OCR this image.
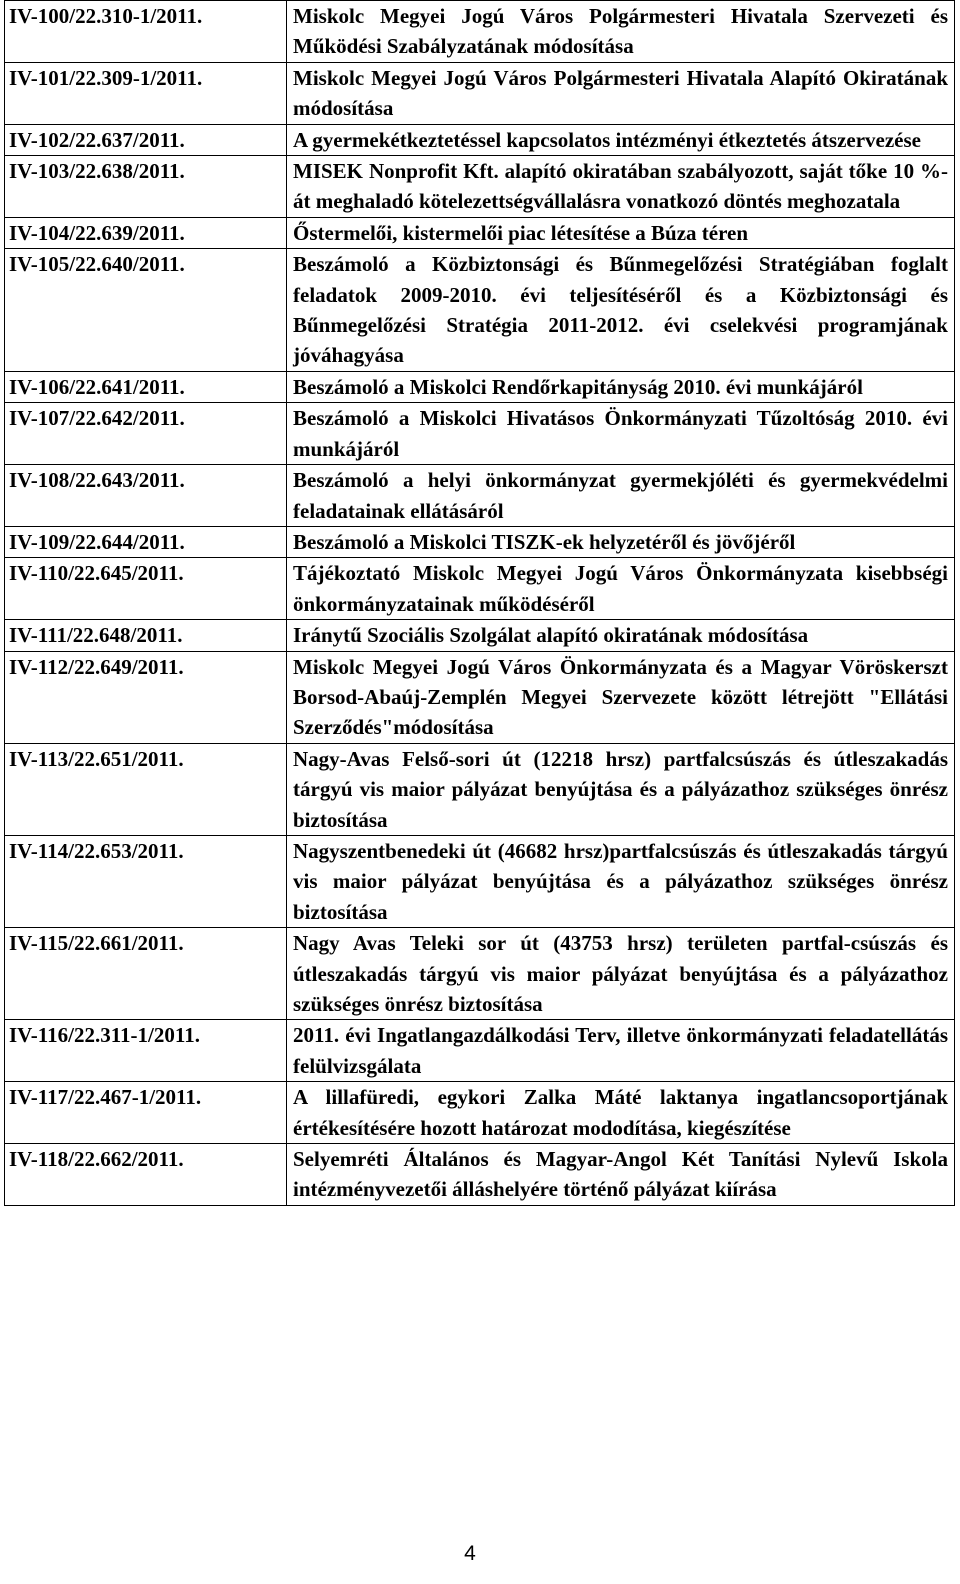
IV-100/22.310-1/2011.	Miskolc Megyei Jogú Város Polgármesteri Hivatala Szervezeti és Működési Szabályzatának módosítása
IV-101/22.309-1/2011.	Miskolc Megyei Jogú Város Polgármesteri Hivatala Alapító Okiratának módosítása
IV-102/22.637/2011.	A gyermekétkeztetéssel kapcsolatos intézményi étkeztetés átszervezése
IV-103/22.638/2011.	MISEK Nonprofit Kft. alapító okiratában szabályozott, saját tőke 10 %-át meghaladó kötelezettségvállalásra vonatkozó döntés meghozatala
IV-104/22.639/2011.	Őstermelői, kistermelői piac létesítése a Búza téren
IV-105/22.640/2011.	Beszámoló a Közbiztonsági és Bűnmegelőzési Stratégiában foglalt feladatok 2009-2010. évi teljesítéséről és a Közbiztonsági és Bűnmegelőzési Stratégia 2011-2012. évi cselekvési programjának jóváhagyása
IV-106/22.641/2011.	Beszámoló a Miskolci Rendőrkapitányság 2010. évi munkájáról
IV-107/22.642/2011.	Beszámoló a Miskolci Hivatásos Önkormányzati Tűzoltóság 2010. évi munkájáról
IV-108/22.643/2011.	Beszámoló a helyi önkormányzat gyermekjóléti és gyermekvédelmi feladatainak ellátásáról
IV-109/22.644/2011.	Beszámoló a Miskolci TISZK-ek helyzetéről és jövőjéről
IV-110/22.645/2011.	Tájékoztató Miskolc Megyei Jogú Város Önkormányzata kisebbségi önkormányzatainak működéséről
IV-111/22.648/2011.	Iránytű Szociális Szolgálat alapító okiratának módosítása
IV-112/22.649/2011.	Miskolc Megyei Jogú Város Önkormányzata és a Magyar Vöröskerszt Borsod-Abaúj-Zemplén Megyei Szervezete között létrejött "Ellátási Szerződés"módosítása
IV-113/22.651/2011.	Nagy-Avas Felső-sori út (12218 hrsz) partfalcsúszás és útleszakadás tárgyú vis maior pályázat benyújtása és a pályázathoz szükséges önrész biztosítása
IV-114/22.653/2011.	Nagyszentbenedeki út (46682 hrsz)partfalcsúszás és útleszakadás tárgyú vis maior pályázat benyújtása és a pályázathoz szükséges önrész biztosítása
IV-115/22.661/2011.	Nagy Avas Teleki sor út (43753 hrsz) területen partfal-csúszás és útleszakadás tárgyú vis maior pályázat benyújtása és a pályázathoz szükséges önrész biztosítása
IV-116/22.311-1/2011.	2011. évi Ingatlangazdálkodási Terv, illetve önkormányzati feladatellátás felülvizsgálata
IV-117/22.467-1/2011.	A lillafüredi, egykori Zalka Máté laktanya ingatlancsoportjának értékesítésére hozott határozat mododítása, kiegészítése
IV-118/22.662/2011.	Selyemréti Általános és Magyar-Angol Két Tanítási Nylevű Iskola intézményvezetői álláshelyére történő pályázat kiírása
4
